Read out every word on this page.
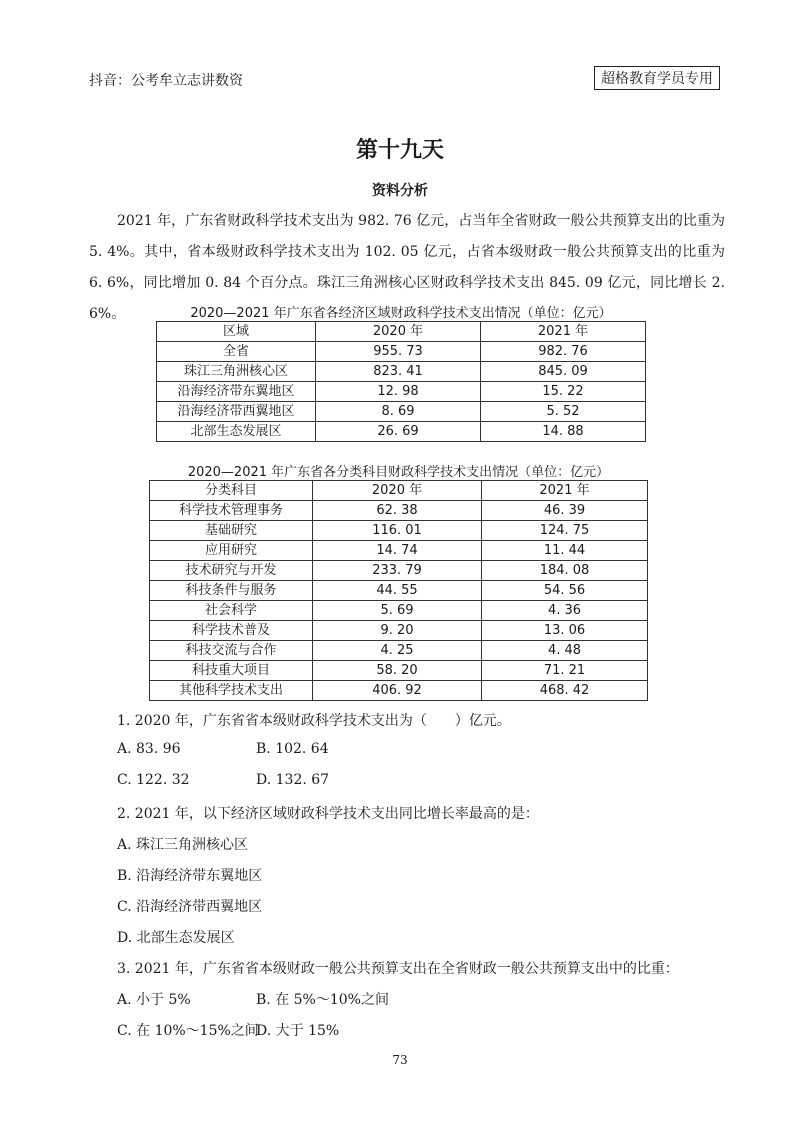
抖音：公考牟立志讲数资	超格教育学员专用
第十九天
资料分析
2021 年，广东省财政科学技术支出为 982. 76 亿元，占当年全省财政一般公共预算支出的比重为 5. 4%。其中，省本级财政科学技术支出为 102. 05 亿元，占省本级财政一般公共预算支出的比重为 6. 6%，同比增加 0. 84 个百分点。珠江三角洲核心区财政科学技术支出 845. 09 亿元，同比增长 2. 6%。	2020—2021 年广东省各经济区域财政科学技术支出情况（单位：亿元）
区域	2020 年	2021 年
全省	955. 73	982. 76
珠江三角洲核心区	823. 41	845. 09
沿海经济带东翼地区	12. 98	15. 22
沿海经济带西翼地区	8. 69	5. 52
北部生态发展区	26. 69	14. 88
2020—2021 年广东省各分类科目财政科学技术支出情况（单位：亿元）
分类科目	2020 年	2021 年
科学技术管理事务	62. 38	46. 39
基础研究	116. 01	124. 75
应用研究	14. 74	11. 44
技术研究与开发	233. 79	184. 08
科技条件与服务	44. 55	54. 56
社会科学	5. 69	4. 36
科学技术普及	9. 20	13. 06
科技交流与合作	4. 25	4. 48
科技重大项目	58. 20	71. 21
其他科学技术支出	406. 92	468. 42
1. 2020 年，广东省省本级财政科学技术支出为（　　）亿元。
A. 83. 96	B. 102. 64
C. 122. 32	D. 132. 67
2. 2021 年，以下经济区域财政科学技术支出同比增长率最高的是：
A. 珠江三角洲核心区
B. 沿海经济带东翼地区
C. 沿海经济带西翼地区
D. 北部生态发展区
3. 2021 年，广东省省本级财政一般公共预算支出在全省财政一般公共预算支出中的比重：
A. 小于 5%	B. 在 5%～10%之间
C. 在 10%～15%之间
D. 大于 15%
73
